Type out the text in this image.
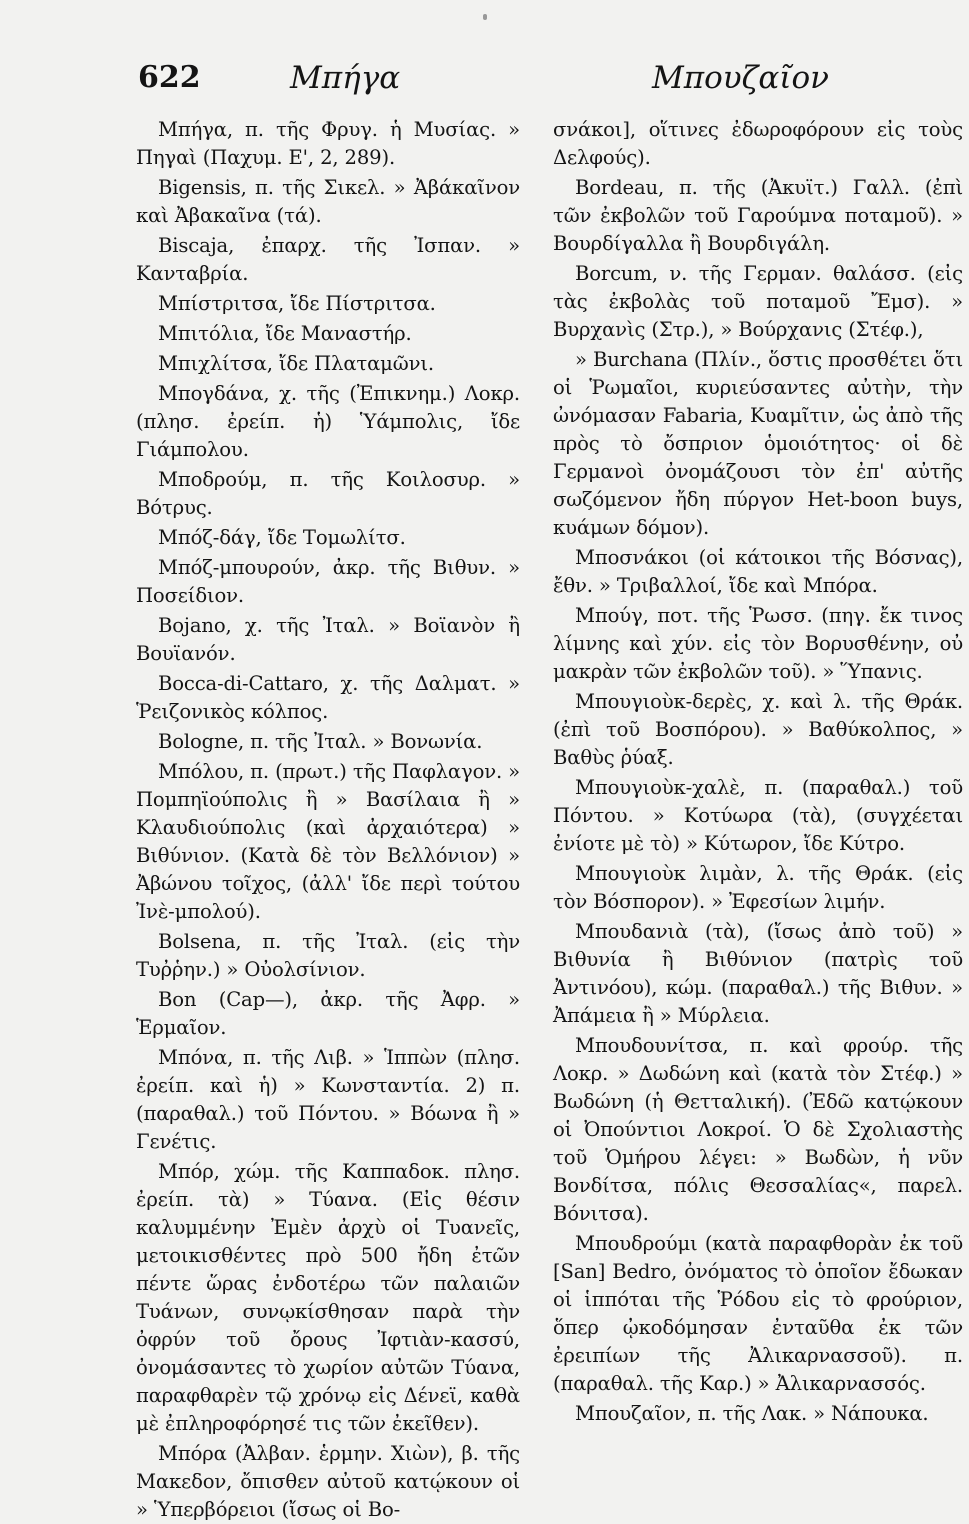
622	Μπήγα	Μπουζαῖον

Μπήγα, π. τῆς Φρυγ. ἡ Μυσίας. » Πηγαὶ (Παχυμ. Ε', 2, 289).

Bigensis, π. τῆς Σικελ. » Ἀβάκαῖνον καὶ Ἀβακαῖνα (τά).

Biscaja, ἐπαρχ. τῆς Ἰσπαν. » Κανταβρία.

Μπίστριτσα, ἴδε Πίστριτσα.

Μπιτόλια, ἴδε Μαναστήρ.

Μπιχλίτσα, ἴδε Πλαταμῶνι.

Μπογδάνα, χ. τῆς (Ἐπικνημ.) Λοκρ. (πλησ. ἐρείπ. ἡ) Ὑάμπολις, ἴδε Γιάμπολου.

Μποδρούμ, π. τῆς Κοιλοσυρ. » Βότρυς.

Μπόζ-δάγ, ἴδε Τομωλίτσ.

Μπόζ-μπουρούν, ἀκρ. τῆς Βιθυν. » Ποσείδιον.

Bojano, χ. τῆς Ἰταλ. » Βοϊανὸν ἢ Βουϊανόν.

Bocca-di-Cattaro, χ. τῆς Δαλματ. » Ῥειζονικὸς κόλπος.

Bologne, π. τῆς Ἰταλ. » Βονωνία.

Μπόλου, π. (πρωτ.) τῆς Παφλαγον. » Πομπηϊούπολις ἢ » Βασίλαια ἢ » Κλαυδιούπολις (καὶ ἀρχαιότερα) » Βιθύνιον. (Κατὰ δὲ τὸν Βελλόνιον) » Ἀβώνου τοῖχος, (ἀλλ' ἴδε περὶ τούτου Ἰνὲ-μπολού).

Bolsena, π. τῆς Ἰταλ. (εἰς τὴν Τυῤῥην.) » Οὐολσίνιον.

Bon (Cap—), ἀκρ. τῆς Ἀφρ. » Ἑρμαῖον.

Μπόνα, π. τῆς Λιβ. » Ἱππὼν (πλησ. ἐρείπ. καὶ ἡ) » Κωνσταντία. 2) π. (παραθαλ.) τοῦ Πόντου. » Βόωνα ἢ » Γενέτις.

Μπόρ, χώμ. τῆς Καππαδοκ. πλησ. ἐρείπ. τὰ) » Τύανα. (Εἰς θέσιν καλυμμένην Ἐμὲν ἀρχὺ οἱ Τυανεῖς, μετοικισθέντες πρὸ 500 ἤδη ἐτῶν πέντε ὥρας ἐνδοτέρω τῶν παλαιῶν Τυάνων, συνῳκίσθησαν παρὰ τὴν ὀφρύν τοῦ ὄρους Ἰφτιὰν-κασσύ, ὀνομάσαντες τὸ χωρίον αὐτῶν Τύανα, παραφθαρὲν τῷ χρόνῳ εἰς Δένεϊ, καθὰ μὲ ἐπληροφόρησέ τις τῶν ἐκεῖθεν).

Μπόρα (Ἀλβαν. ἑρμην. Χιὼν), β. τῆς Μακεδον, ὄπισθεν αὐτοῦ κατῴκουν οἱ » Ὑπερβόρειοι (ἴσως οἱ Βο-

σνάκοι], οἵτινες ἐδωροφόρουν εἰς τοὺς Δελφούς).

Bordeau, π. τῆς (Ἀκυϊτ.) Γαλλ. (ἐπὶ τῶν ἐκβολῶν τοῦ Γαρούμνα ποταμοῦ). » Βουρδίγαλλα ἢ Βουρδιγάλη.

Borcum, ν. τῆς Γερμαν. θαλάσσ. (εἰς τὰς ἐκβολὰς τοῦ ποταμοῦ Ἔμσ). » Βυρχανὶς (Στρ.), » Βούρχανις (Στέφ.),

» Burchana (Πλίν., ὅστις προσθέτει ὅτι οἱ Ῥωμαῖοι, κυριεύσαντες αὐτὴν, τὴν ὠνόμασαν Fabaria, Κυαμῖτιν, ὡς ἀπὸ τῆς πρὸς τὸ ὄσπριον ὁμοιότητος· οἱ δὲ Γερμανοὶ ὀνομάζουσι τὸν ἐπ' αὐτῆς σωζόμενον ἤδη πύργον Het-boon buys, κυάμων δόμον).

Μποσνάκοι (οἱ κάτοικοι τῆς Βόσνας), ἔθν. » Τριβαλλοί, ἴδε καὶ Μπόρα.

Μπούγ, ποτ. τῆς Ῥωσσ. (πηγ. ἔκ τινος λίμνης καὶ χύν. εἰς τὸν Βορυσθένην, οὐ μακρὰν τῶν ἐκβολῶν τοῦ). » Ὕπανις.

Μπουγιοὺκ-δερὲς, χ. καὶ λ. τῆς Θράκ. (ἐπὶ τοῦ Βοσπόρου). » Βαθύκολπος, » Βαθὺς ῥύαξ.

Μπουγιοὺκ-χαλὲ, π. (παραθαλ.) τοῦ Πόντου. » Κοτύωρα (τὰ), (συγχέεται ἐνίοτε μὲ τὸ) » Κύτωρον, ἴδε Κύτρο.

Μπουγιοὺκ λιμὰν, λ. τῆς Θράκ. (εἰς τὸν Βόσπορον). » Ἐφεσίων λιμήν.

Μπουδανιὰ (τὰ), (ἴσως ἀπὸ τοῦ) » Βιθυνία ἢ Βιθύνιον (πατρὶς τοῦ Ἀντινόου), κώμ. (παραθαλ.) τῆς Βιθυν. » Ἀπάμεια ἢ » Μύρλεια.

Μπουδουνίτσα, π. καὶ φρούρ. τῆς Λοκρ. » Δωδώνη καὶ (κατὰ τὸν Στέφ.) » Βωδώνη (ἡ Θετταλική). (Ἐδῶ κατῴκουν οἱ Ὀπούντιοι Λοκροί. Ὁ δὲ Σχολιαστὴς τοῦ Ὁμήρου λέγει: » Βωδὼν, ἡ νῦν Βονδίτσα, πόλις Θεσσαλίας«, παρελ. Βόνιτσα).

Μπουδρούμι (κατὰ παραφθορὰν ἐκ τοῦ [San] Bedro, ὀνόματος τὸ ὁποῖον ἔδωκαν οἱ ἱππόται τῆς Ῥόδου εἰς τὸ φρούριον, ὅπερ ᾠκοδόμησαν ἐνταῦθα ἐκ τῶν ἐρειπίων τῆς Ἀλικαρνασσοῦ). π. (παραθαλ. τῆς Καρ.) » Ἀλικαρνασσός.

Μπουζαῖον, π. τῆς Λακ. » Νάπουκα.
